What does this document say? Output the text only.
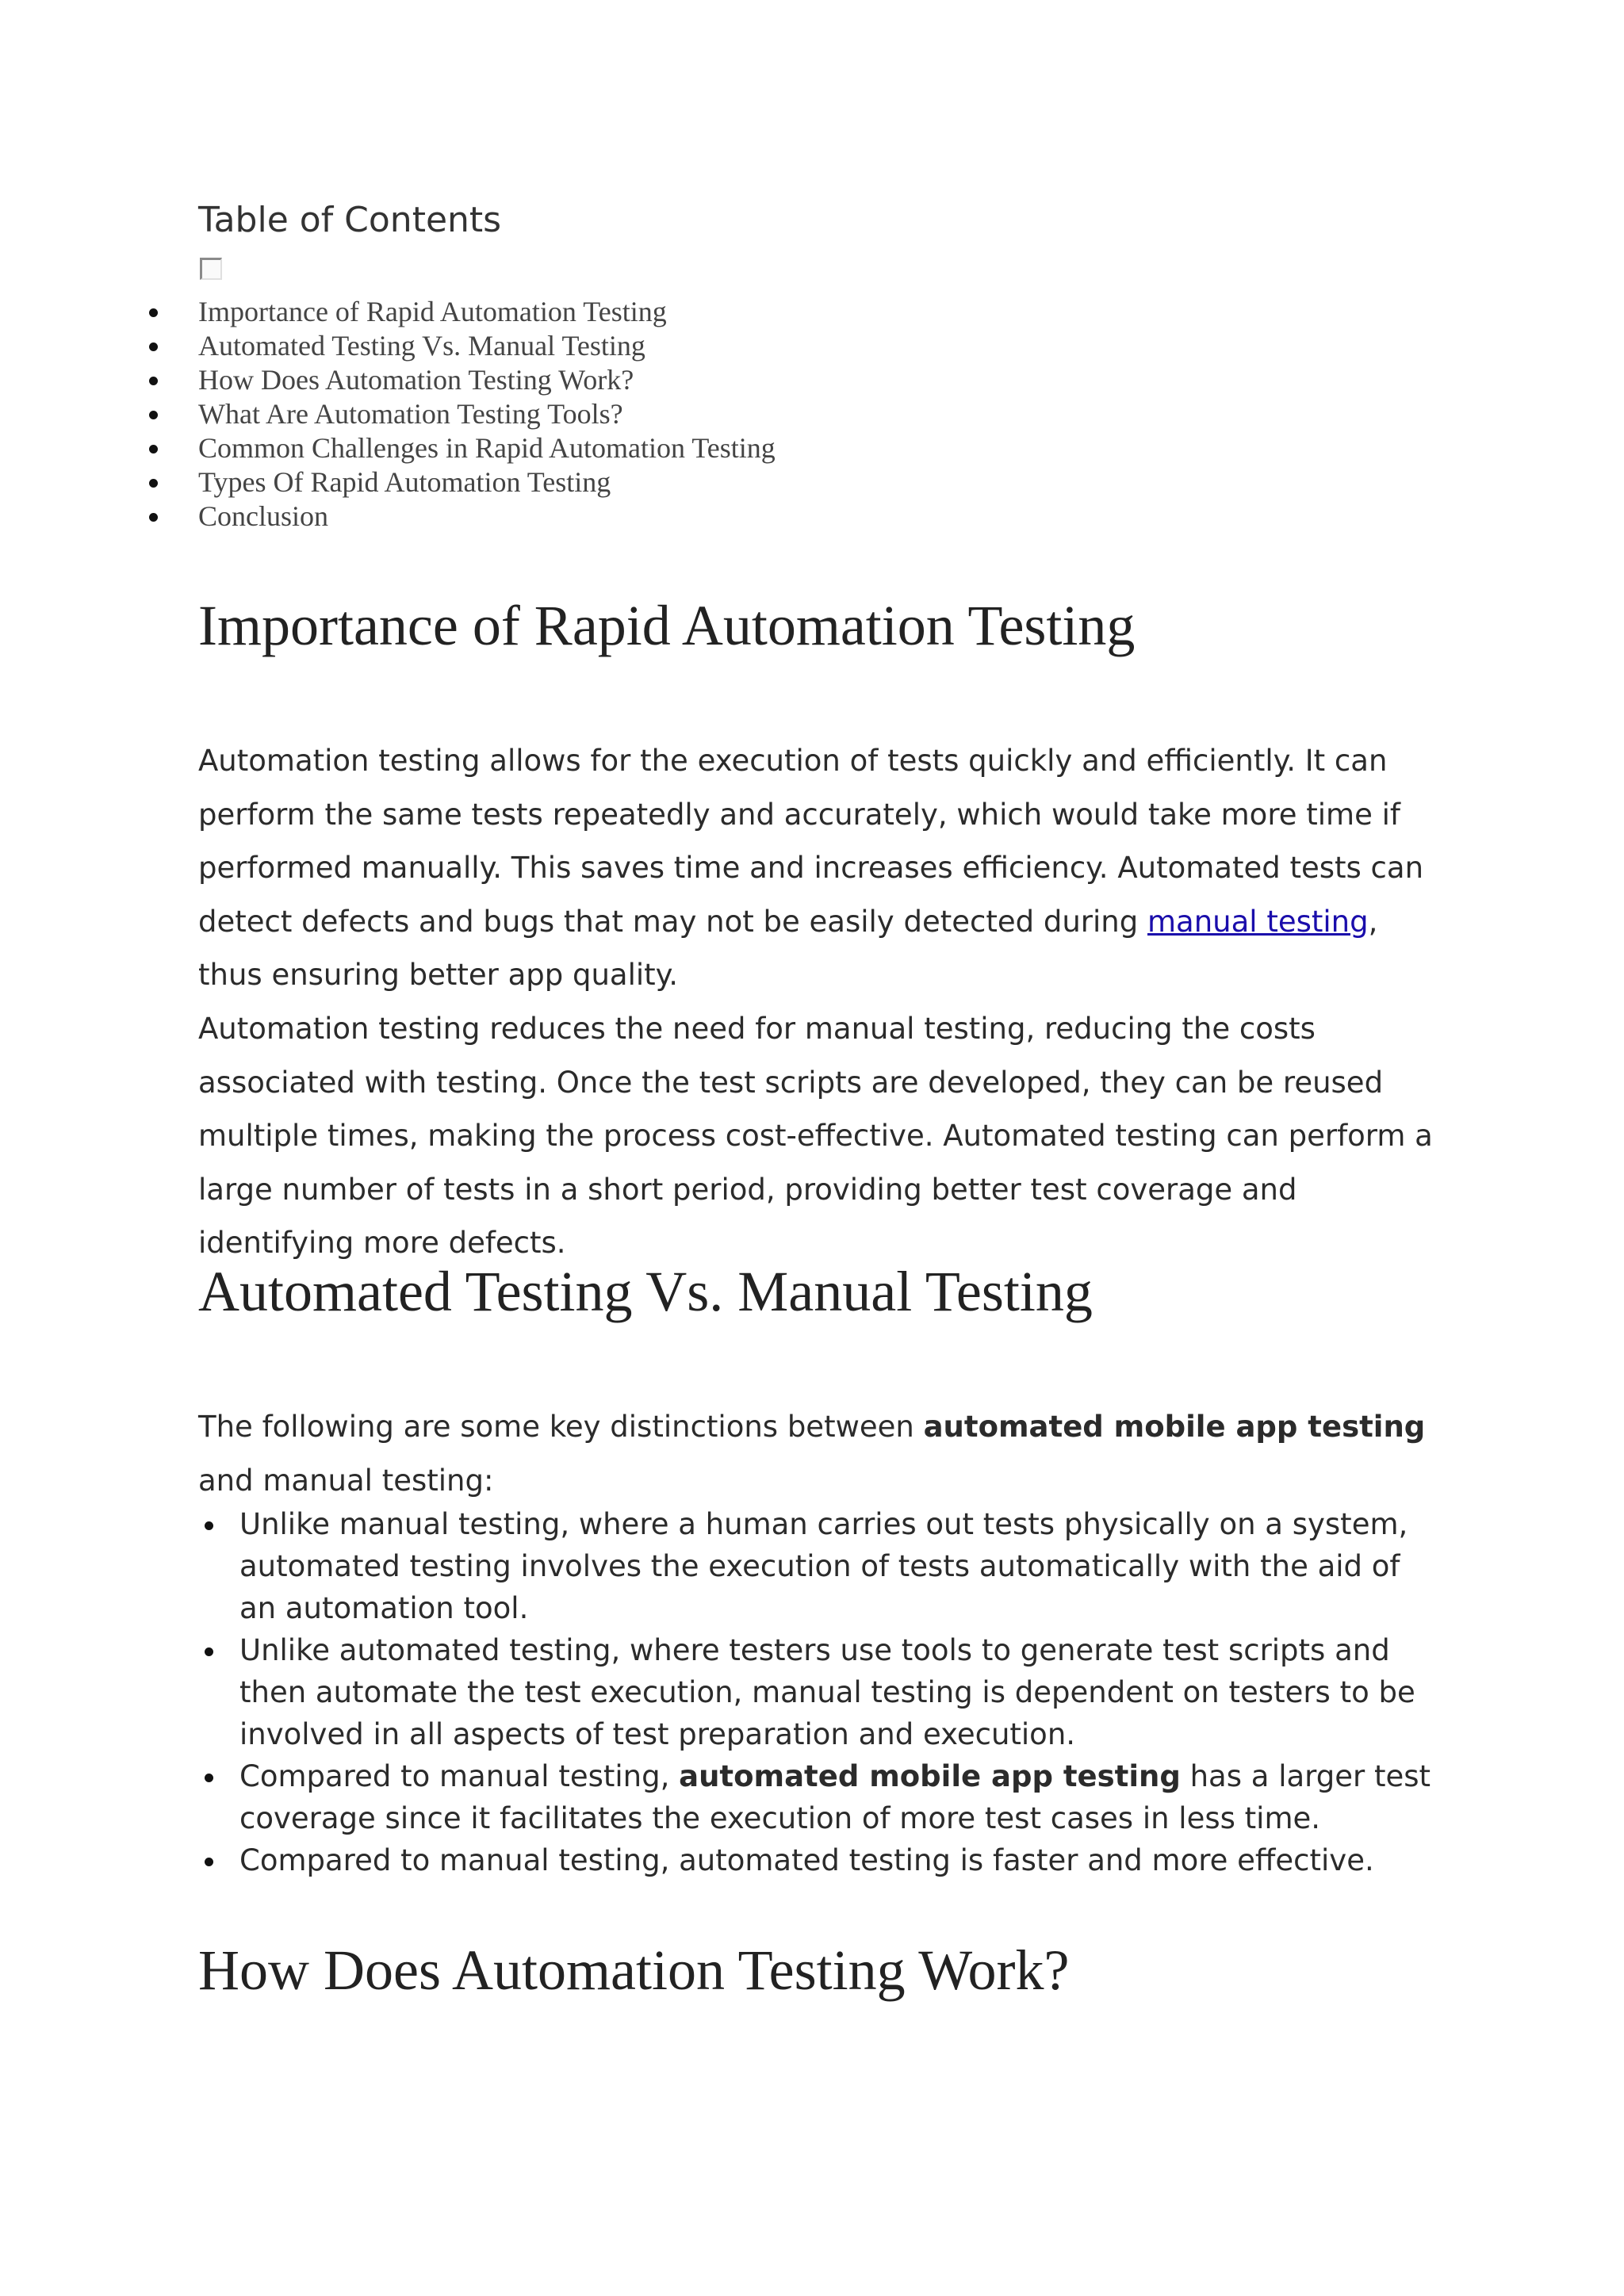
Table of Contents
Importance of Rapid Automation Testing
Automated Testing Vs. Manual Testing
How Does Automation Testing Work?
What Are Automation Testing Tools?
Common Challenges in Rapid Automation Testing
Types Of Rapid Automation Testing
Conclusion
Importance of Rapid Automation Testing

Automation testing allows for the execution of tests quickly and efficiently. It can perform the same tests repeatedly and accurately, which would take more time if performed manually. This saves time and increases efficiency. Automated tests can detect defects and bugs that may not be easily detected during manual testing, thus ensuring better app quality.

Automation testing reduces the need for manual testing, reducing the costs associated with testing. Once the test scripts are developed, they can be reused multiple times, making the process cost-effective. Automated testing can perform a large number of tests in a short period, providing better test coverage and identifying more defects.

Automated Testing Vs. Manual Testing

The following are some key distinctions between automated mobile app testing and manual testing:

Unlike manual testing, where a human carries out tests physically on a system, automated testing involves the execution of tests automatically with the aid of an automation tool.
Unlike automated testing, where testers use tools to generate test scripts and then automate the test execution, manual testing is dependent on testers to be involved in all aspects of test preparation and execution.
Compared to manual testing, automated mobile app testing has a larger test coverage since it facilitates the execution of more test cases in less time.
Compared to manual testing, automated testing is faster and more effective.
How Does Automation Testing Work?
